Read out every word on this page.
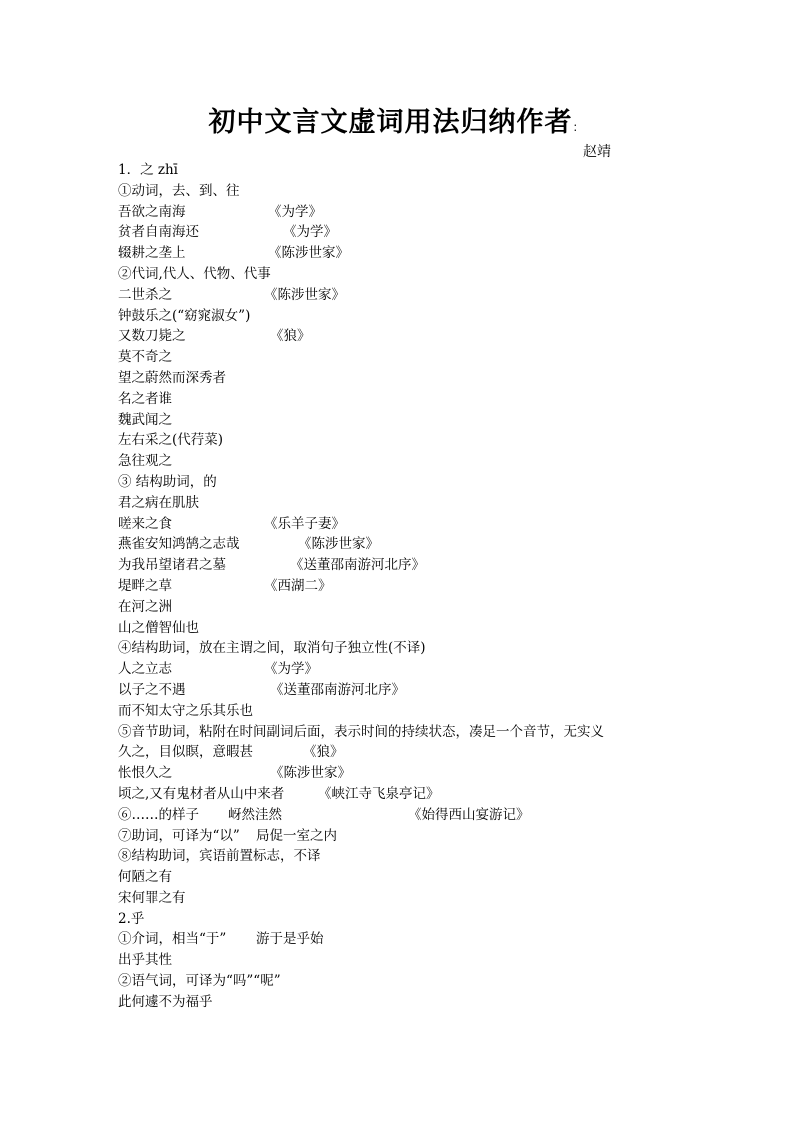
初中文言文虚词用法归纳作者：
赵靖
1．之 zhī
①动词，去、到、往
吾欲之南海	《为学》
贫者自南海还	《为学》
辍耕之垄上	《陈涉世家》
②代词,代人、代物、代事
二世杀之	《陈涉世家》
钟鼓乐之(“窈窕淑女”)
又数刀毙之	《狼》
莫不奇之
望之蔚然而深秀者
名之者谁
魏武闻之
左右采之(代荇菜)
急往观之
③ 结构助词，的
君之病在肌肤
嗟来之食	《乐羊子妻》
燕雀安知鸿鹄之志哉	《陈涉世家》
为我吊望诸君之墓	《送董邵南游河北序》
堤畔之草	《西湖二》
在河之洲
山之僧智仙也
④结构助词，放在主谓之间，取消句子独立性(不译)
人之立志	《为学》
以子之不遇	《送董邵南游河北序》
而不知太守之乐其乐也
⑤音节助词，粘附在时间副词后面，表示时间的持续状态，凑足一个音节，无实义
久之，目似瞑，意暇甚	《狼》
怅恨久之	《陈涉世家》
顷之,又有鬼材者从山中来者 《峡江寺飞泉亭记》
⑥……的样子 岈然洼然	《始得西山宴游记》
⑦助词，可译为“以” 局促一室之内
⑧结构助词，宾语前置标志，不译
何陋之有
宋何罪之有
2.乎
①介词，相当“于” 游于是乎始
出乎其性
②语气词，可译为“吗”“呢”
此何遽不为福乎
